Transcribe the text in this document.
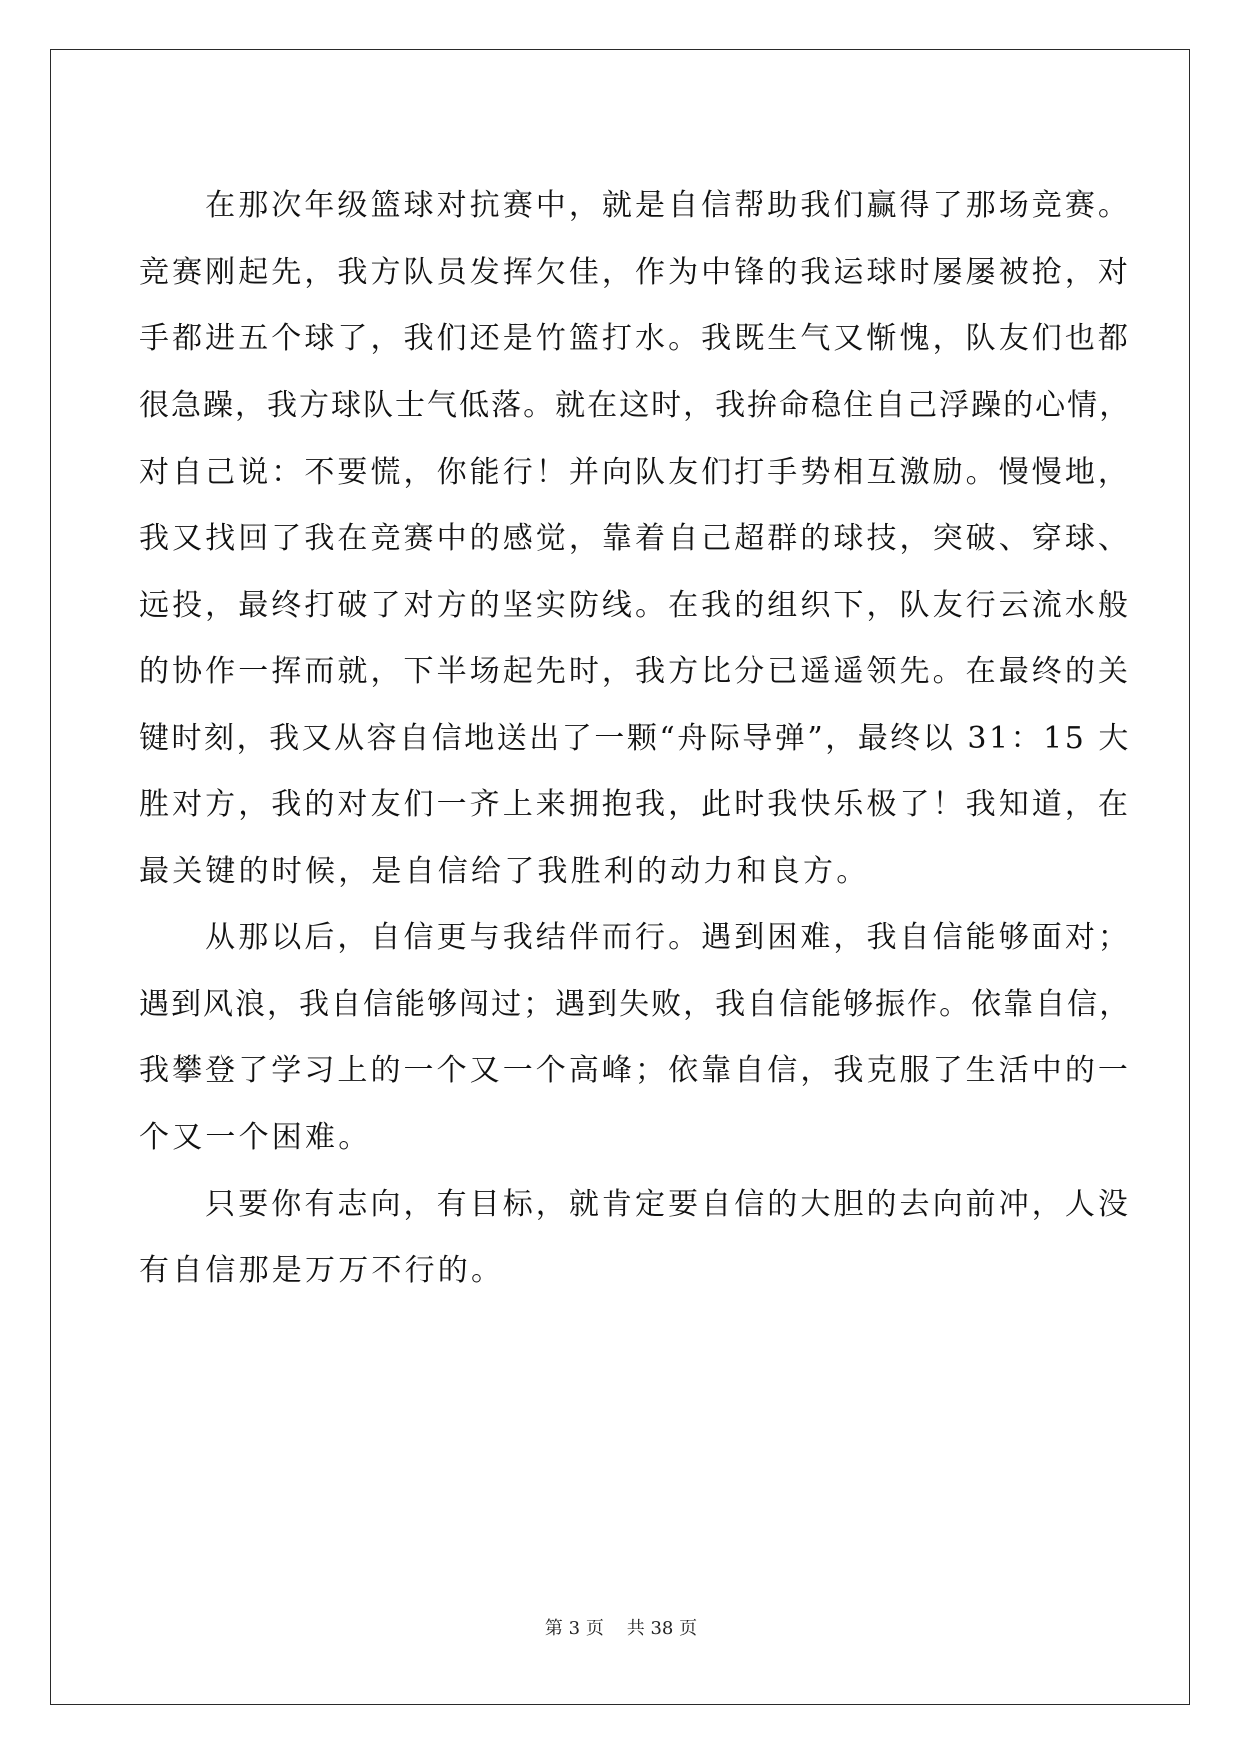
　　在那次年级篮球对抗赛中，就是自信帮助我们赢得了那场竞赛。
竞赛刚起先，我方队员发挥欠佳，作为中锋的我运球时屡屡被抢，对
手都进五个球了，我们还是竹篮打水。我既生气又惭愧，队友们也都
很急躁，我方球队士气低落。就在这时，我拚命稳住自己浮躁的心情，
对自己说：不要慌，你能行！并向队友们打手势相互激励。慢慢地，
我又找回了我在竞赛中的感觉，靠着自己超群的球技，突破、穿球、
远投，最终打破了对方的坚实防线。在我的组织下，队友行云流水般
的协作一挥而就，下半场起先时，我方比分已遥遥领先。在最终的关
键时刻，我又从容自信地送出了一颗“舟际导弹”，最终以 31：15 大
胜对方，我的对友们一齐上来拥抱我，此时我快乐极了！我知道，在
最关键的时候，是自信给了我胜利的动力和良方。
　　从那以后，自信更与我结伴而行。遇到困难，我自信能够面对；
遇到风浪，我自信能够闯过；遇到失败，我自信能够振作。依靠自信，
我攀登了学习上的一个又一个高峰；依靠自信，我克服了生活中的一
个又一个困难。
　　只要你有志向，有目标，就肯定要自信的大胆的去向前冲，人没
有自信那是万万不行的。
第 3 页 共 38 页
